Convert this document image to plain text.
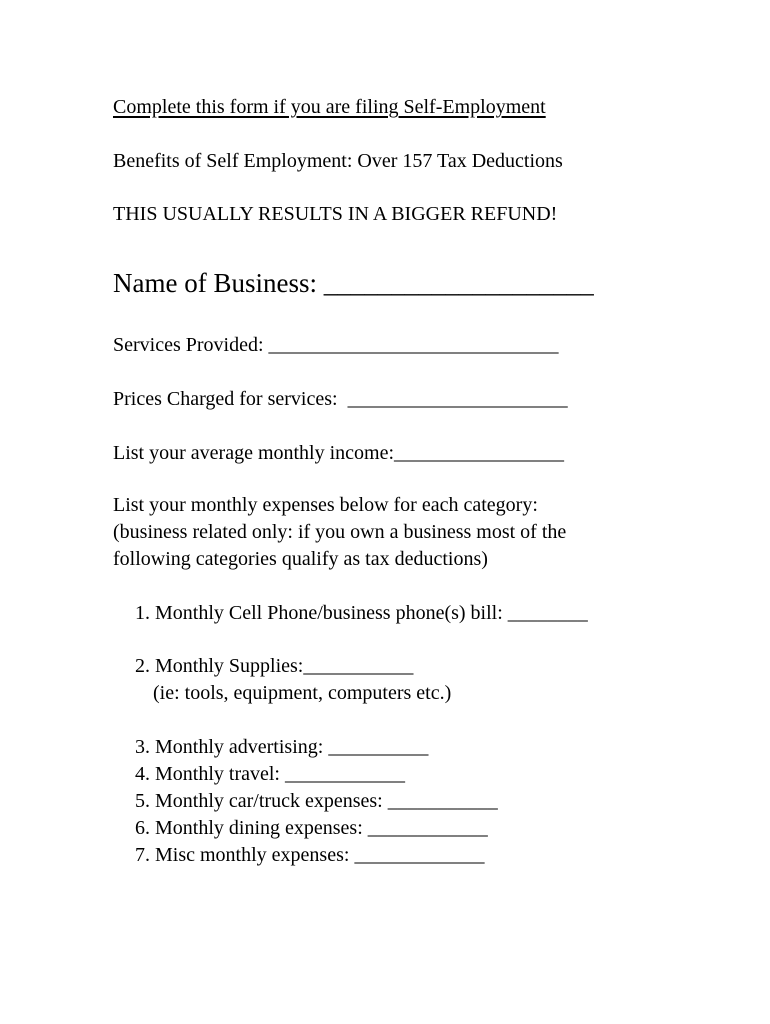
Complete this form if you are filing Self-Employment
Benefits of Self Employment: Over 157 Tax Deductions
THIS USUALLY RESULTS IN A BIGGER REFUND!
Name of Business: ____________________
Services Provided: _____________________________
Prices Charged for services:  ______________________
List your average monthly income:_________________
List your monthly expenses below for each category:
(business related only: if you own a business most of the
following categories qualify as tax deductions)
1. Monthly Cell Phone/business phone(s) bill: ________
2. Monthly Supplies:___________
(ie: tools, equipment, computers etc.)
3. Monthly advertising: __________
4. Monthly travel: ____________
5. Monthly car/truck expenses: ___________
6. Monthly dining expenses: ____________
7. Misc monthly expenses: _____________
